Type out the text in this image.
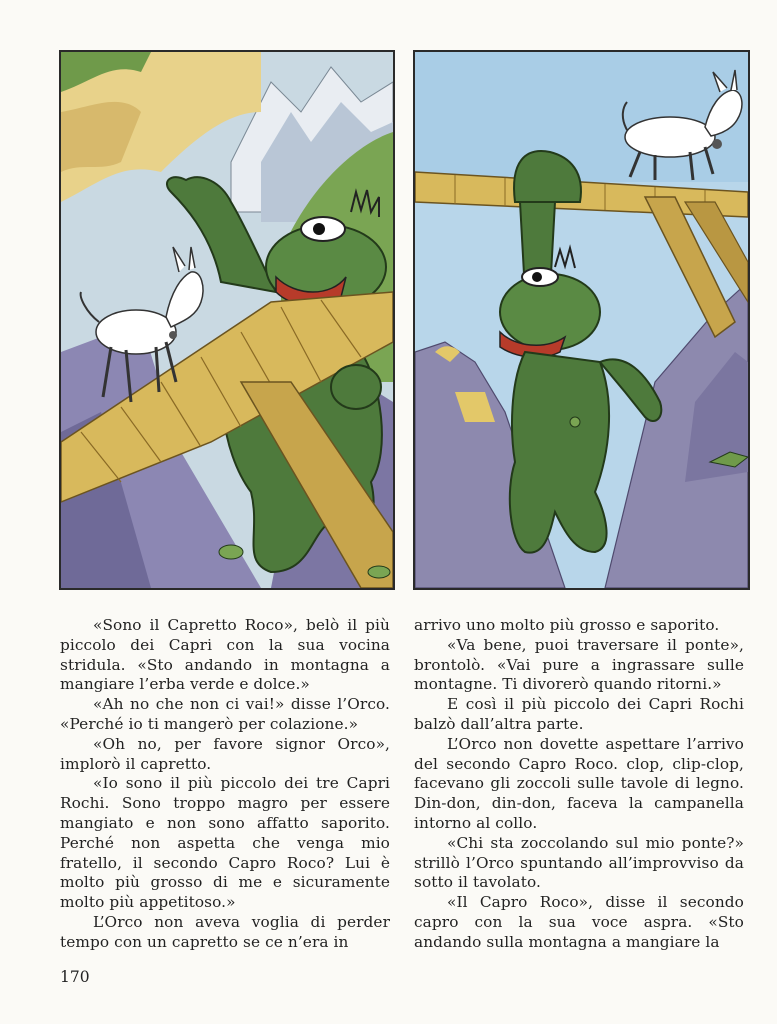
«Sono il Capretto Roco», belò il più piccolo dei Capri con la sua vocina stridula. «Sto andando in montagna a mangiare l’erba verde e dolce.»

«Ah no che non ci vai!» disse l’Orco. «Perché io ti mangerò per colazione.»

«Oh no, per favore signor Orco», implorò il capretto.

«Io sono il più piccolo dei tre Capri Rochi. Sono troppo magro per essere mangiato e non sono affatto saporito. Perché non aspetta che venga mio fratello, il secondo Capro Roco? Lui è molto più grosso di me e sicuramente molto più appetitoso.»

L’Orco non aveva voglia di perder tempo con un capretto se ce n’era in

arrivo uno molto più grosso e saporito.

«Va bene, puoi traversare il ponte», brontolò. «Vai pure a ingrassare sulle montagne. Ti divorerò quando ritorni.»

E così il più piccolo dei Capri Rochi balzò dall’altra parte.

L’Orco non dovette aspettare l’arrivo del secondo Capro Roco. clop, clip-clop, facevano gli zoccoli sulle tavole di legno. Din-don, din-don, faceva la campanella intorno al collo.

«Chi sta zoccolando sul mio ponte?» strillò l’Orco spuntando all’improvviso da sotto il tavolato.

«Il Capro Roco», disse il secondo capro con la sua voce aspra. «Sto andando sulla montagna a mangiare la

170
